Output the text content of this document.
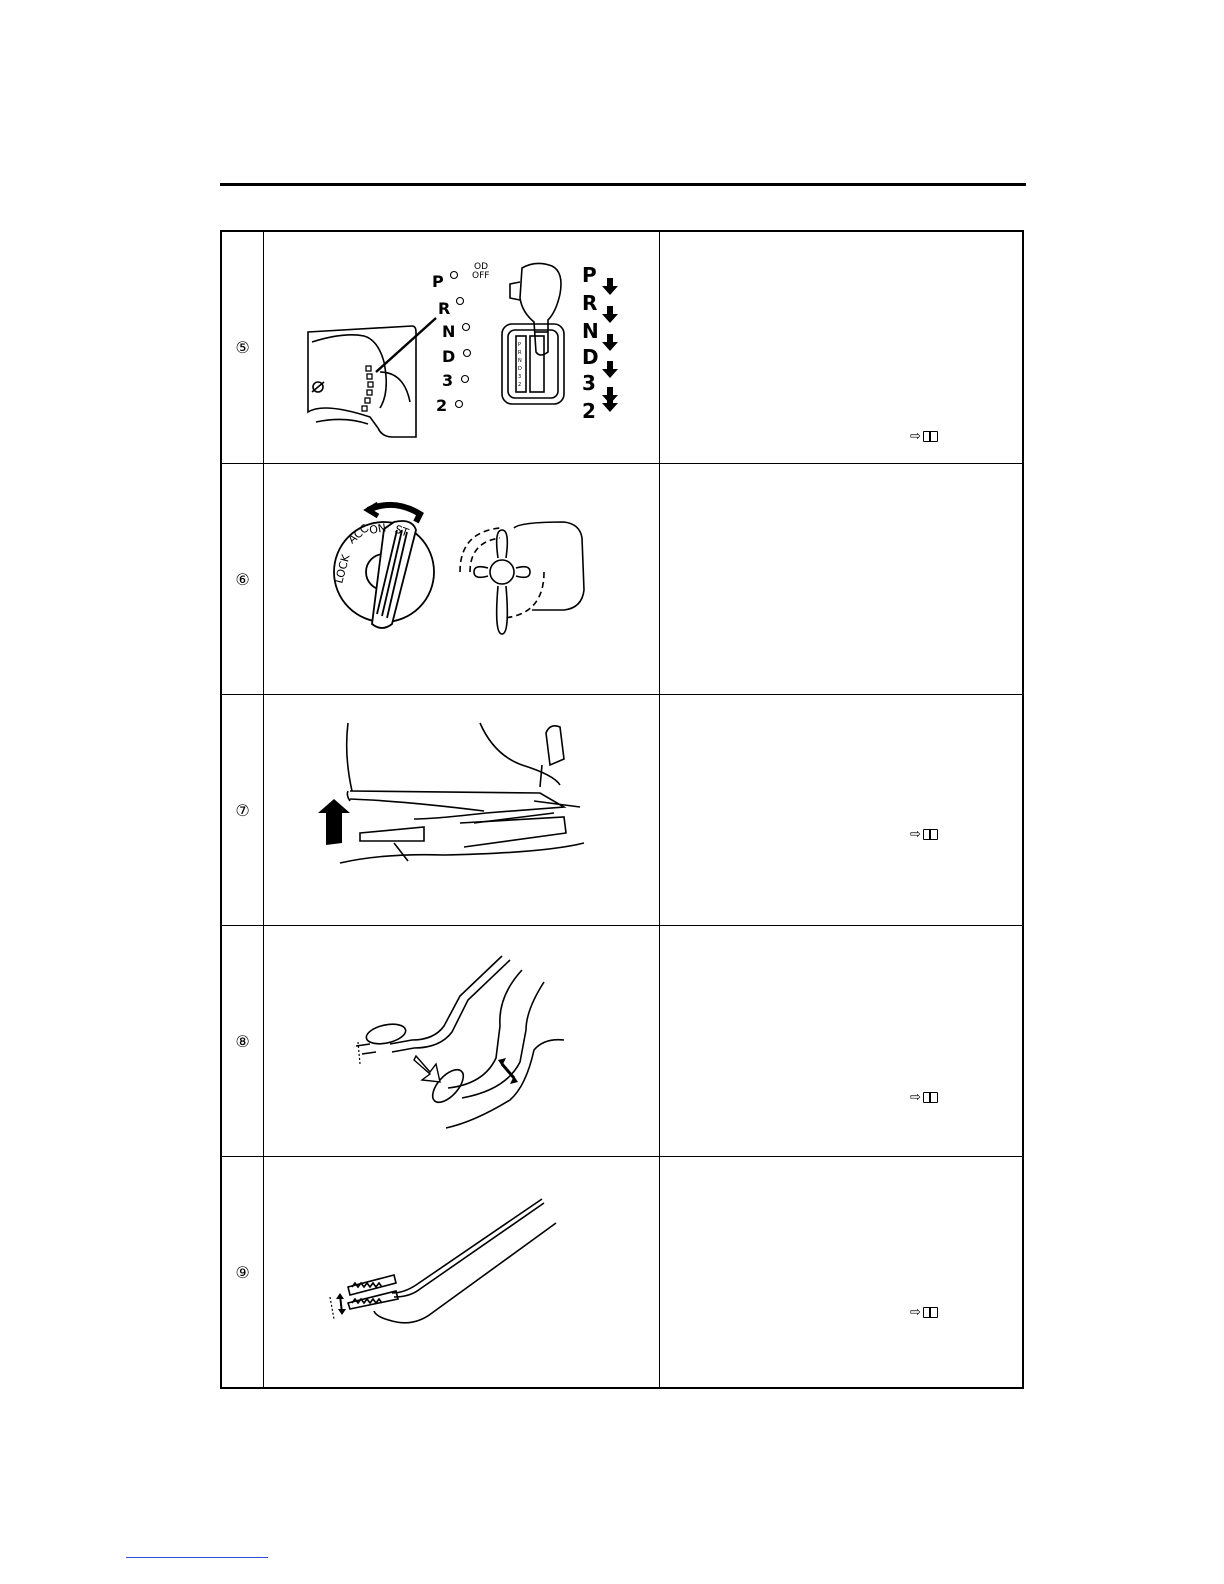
⑤
P
R
N
D
3
2
OD
OFF
P
R
N
D
3
2
P
R
N
D
3
2
⇨
⑥	LOCK
ACC
ON ST
⑦
⇨
⑧
⇨
⑨
⇨
